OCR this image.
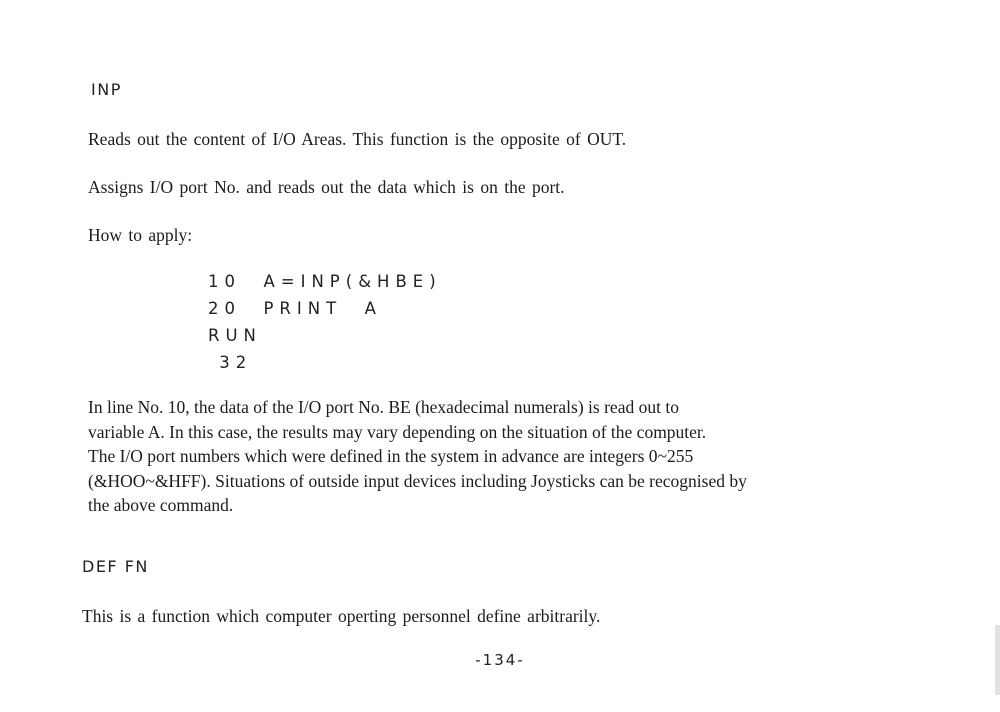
INP
Reads out the content of I/O Areas. This function is the opposite of OUT.
Assigns I/O port No. and reads out the data which is on the port.
How to apply:
10  A=INP(&HBE)
20  PRINT  A
RUN
32
In line No. 10, the data of the I/O port No. BE (hexadecimal numerals) is read out to
variable A. In this case, the results may vary depending on the situation of the computer.
The I/O port numbers which were defined in the system in advance are integers 0~255
(&HOO~&HFF). Situations of outside input devices including Joysticks can be recognised by
the above command.
DEF FN
This is a function which computer operting personnel define arbitrarily.
-134-
